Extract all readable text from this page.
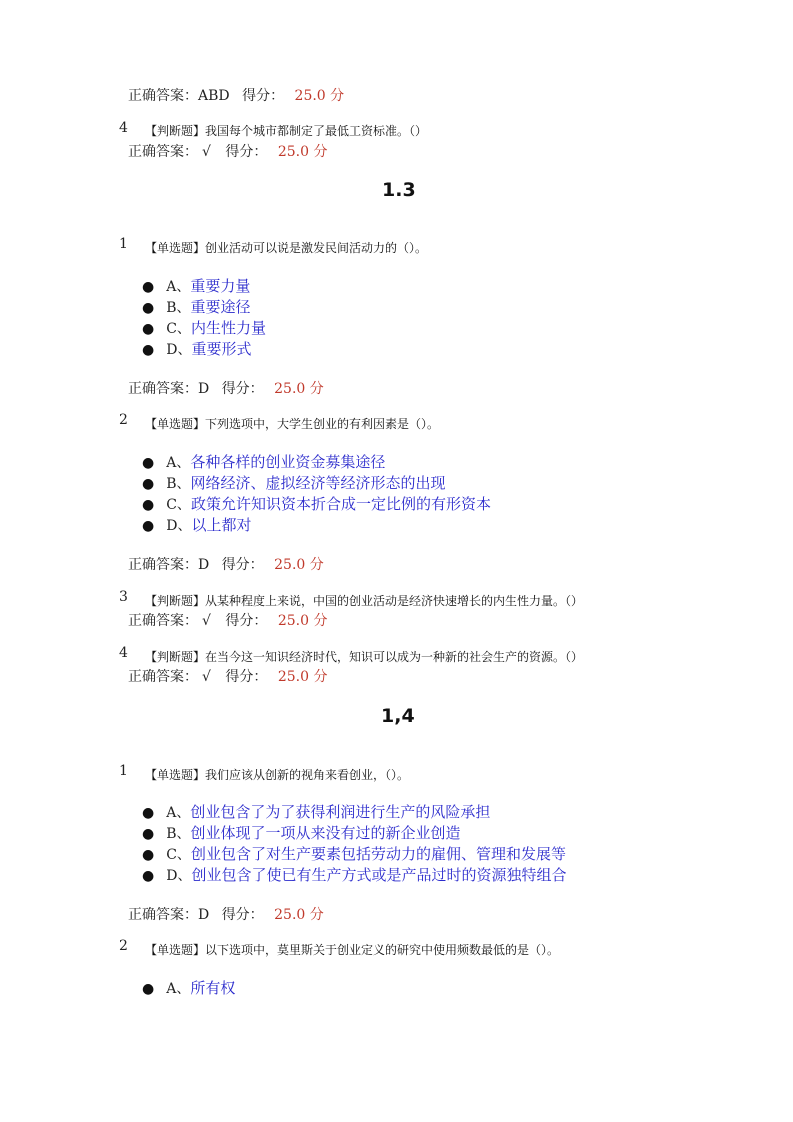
正确答案：ABD 得分： 25.0 分
4 【判断题】我国每个城市都制定了最低工资标准。（）
正确答案： √ 得分： 25.0 分
1.3
1 【单选题】创业活动可以说是激发民间活动力的（）。
● A、重要力量
● B、重要途径
● C、内生性力量
● D、重要形式
正确答案：D 得分： 25.0 分
2 【单选题】下列选项中，大学生创业的有利因素是（）。
● A、各种各样的创业资金募集途径
● B、网络经济、虚拟经济等经济形态的出现
● C、政策允许知识资本折合成一定比例的有形资本
● D、以上都对
正确答案：D 得分： 25.0 分
3 【判断题】从某种程度上来说，中国的创业活动是经济快速增长的内生性力量。（）
正确答案： √ 得分： 25.0 分
4 【判断题】在当今这一知识经济时代，知识可以成为一种新的社会生产的资源。（）
正确答案： √ 得分： 25.0 分
1,4
1 【单选题】我们应该从创新的视角来看创业，（）。
● A、创业包含了为了获得利润进行生产的风险承担
● B、创业体现了一项从来没有过的新企业创造
● C、创业包含了对生产要素包括劳动力的雇佣、管理和发展等
● D、创业包含了使已有生产方式或是产品过时的资源独特组合
正确答案：D 得分： 25.0 分
2 【单选题】以下选项中，莫里斯关于创业定义的研究中使用频数最低的是（）。
● A、所有权
